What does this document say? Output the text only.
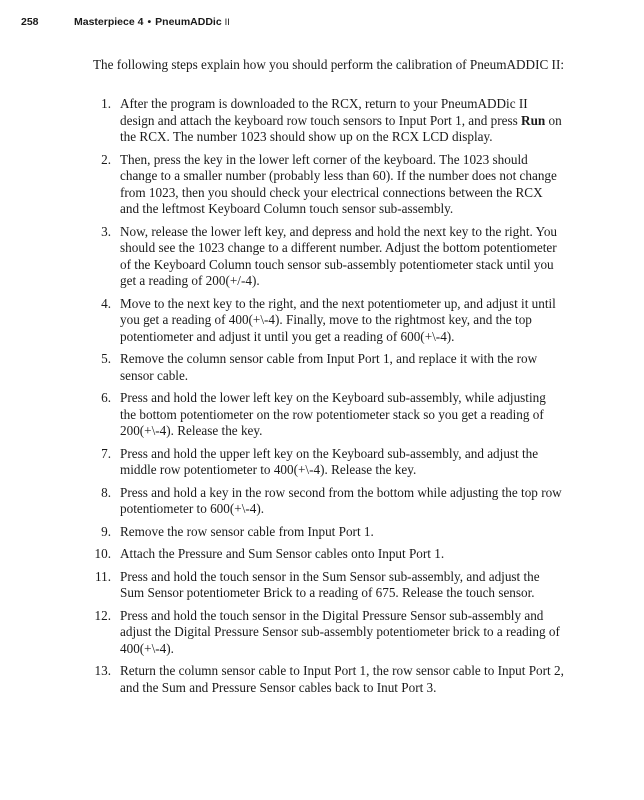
258	Masterpiece 4 • PneumADDic II

The following steps explain how you should perform the calibration of PneumADDIC II:

1. After the program is downloaded to the RCX, return to your PneumADDic II design and attach the keyboard row touch sensors to Input Port 1, and press Run on the RCX. The number 1023 should show up on the RCX LCD display.
2. Then, press the key in the lower left corner of the keyboard. The 1023 should change to a smaller number (probably less than 60). If the number does not change from 1023, then you should check your electrical connections between the RCX and the leftmost Keyboard Column touch sensor sub-assembly.
3. Now, release the lower left key, and depress and hold the next key to the right. You should see the 1023 change to a different number. Adjust the bottom potentiometer of the Keyboard Column touch sensor sub-assembly potentiometer stack until you get a reading of 200(+/-4).
4. Move to the next key to the right, and the next potentiometer up, and adjust it until you get a reading of 400(+\-4). Finally, move to the rightmost key, and the top potentiometer and adjust it until you get a reading of 600(+\-4).
5. Remove the column sensor cable from Input Port 1, and replace it with the row sensor cable.
6. Press and hold the lower left key on the Keyboard sub-assembly, while adjusting the bottom potentiometer on the row potentiometer stack so you get a reading of 200(+\-4). Release the key.
7. Press and hold the upper left key on the Keyboard sub-assembly, and adjust the middle row potentiometer to 400(+\-4). Release the key.
8. Press and hold a key in the row second from the bottom while adjusting the top row potentiometer to 600(+\-4).
9. Remove the row sensor cable from Input Port 1.
10. Attach the Pressure and Sum Sensor cables onto Input Port 1.
11. Press and hold the touch sensor in the Sum Sensor sub-assembly, and adjust the Sum Sensor potentiometer Brick to a reading of 675. Release the touch sensor.
12. Press and hold the touch sensor in the Digital Pressure Sensor sub-assembly and adjust the Digital Pressure Sensor sub-assembly potentiometer brick to a reading of 400(+\-4).
13. Return the column sensor cable to Input Port 1, the row sensor cable to Input Port 2, and the Sum and Pressure Sensor cables back to Inut Port 3.
